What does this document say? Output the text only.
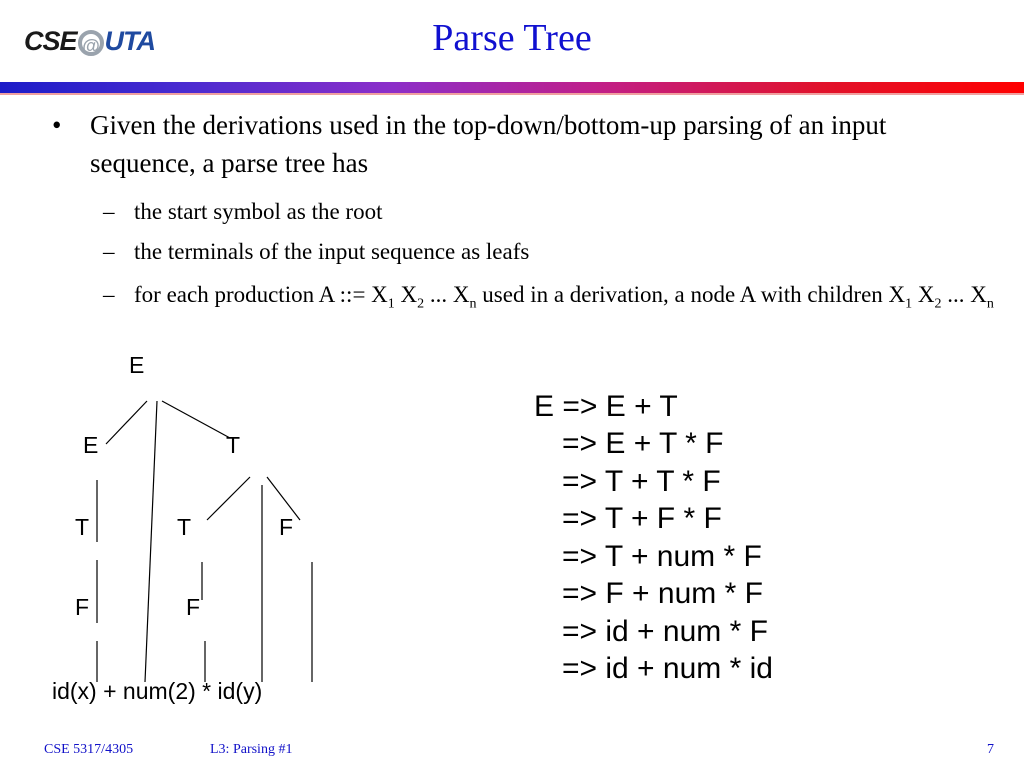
CSE @ UTA	Parse Tree
• Given the derivations used in the top-down/bottom-up parsing of an input sequence, a parse tree has
– the start symbol as the root
– the terminals of the input sequence as leafs
– for each production A ::= $X_1$ $X_2$ ... $X_n$ used in a derivation, a node A with children $X_1$ $X_2$ ... $X_n$
E
E	T
T	T	F
F	F
id(x) + num(2) * id(y)
E => E + T
=> E + T * F
=> T + T * F
=> T + F * F
=> T + num * F
=> F + num * F
=> id + num * F
=> id + num * id
CSE 5317/4305	L3: Parsing #1	7
